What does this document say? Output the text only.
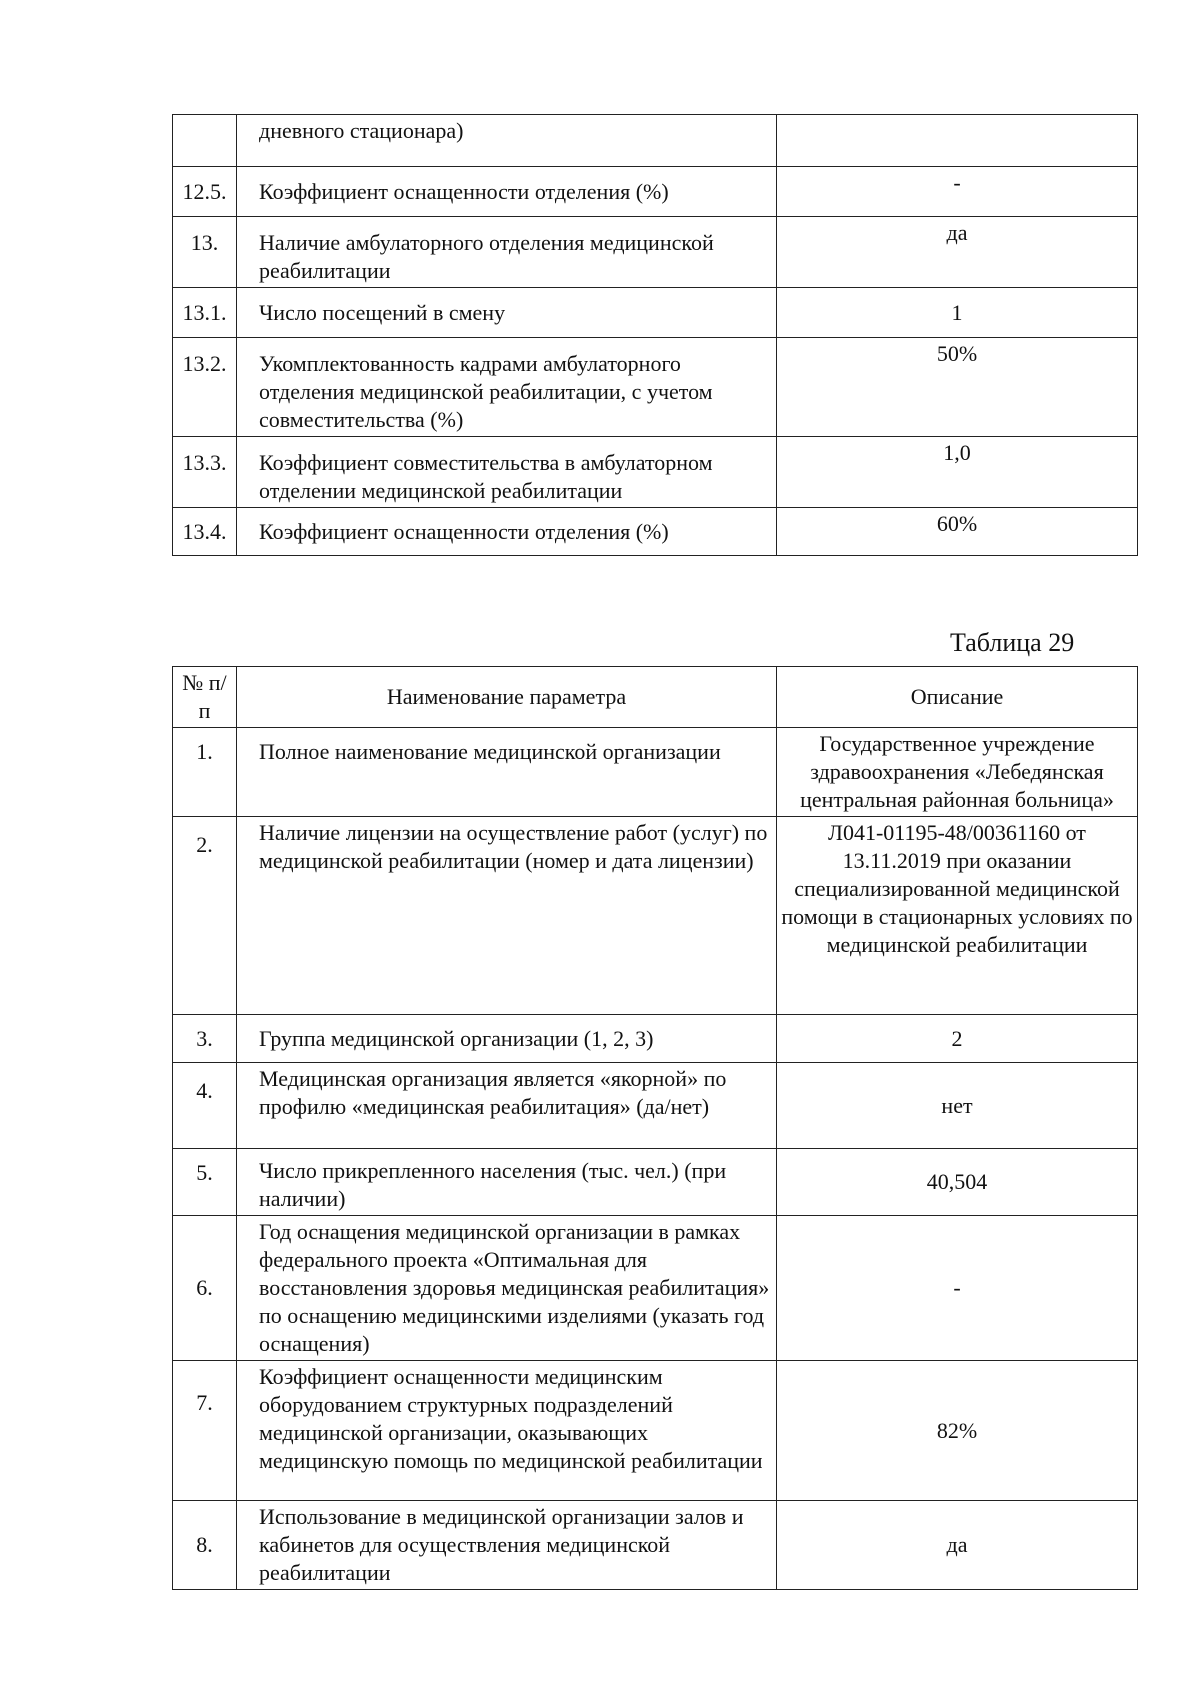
	дневного стационара)	
12.5.	Коэффициент оснащенности отделения (%)	-
13.	Наличие амбулаторного отделения медицинской реабилитации	да
13.1.	Число посещений в смену	1
13.2.	Укомплектованность кадрами амбулаторного отделения медицинской реабилитации, с учетом совместительства (%)	50%
13.3.	Коэффициент совместительства в амбулаторном отделении медицинской реабилитации	1,0
13.4.	Коэффициент оснащенности отделения (%)	60%
Таблица 29
№ п/п	Наименование параметра	Описание
1.	Полное наименование медицинской организации	Государственное учреждение здравоохранения «Лебедянская центральная районная больница»
2.	Наличие лицензии на осуществление работ (услуг) по медицинской реабилитации (номер и дата лицензии)	Л041-01195-48/00361160 от 13.11.2019 при оказании специализированной медицинской помощи в стационарных условиях по медицинской реабилитации
3.	Группа медицинской организации (1, 2, 3)	2
4.	Медицинская организация является «якорной» по профилю «медицинская реабилитация» (да/нет)	нет
5.	Число прикрепленного населения (тыс. чел.) (при наличии)	40,504
6.	Год оснащения медицинской организации в рамках федерального проекта «Оптимальная для восстановления здоровья медицинская реабилитация» по оснащению медицинскими изделиями (указать год оснащения)	-
7.	Коэффициент оснащенности медицинским оборудованием структурных подразделений медицинской организации, оказывающих медицинскую помощь по медицинской реабилитации	82%
8.	Использование в медицинской организации залов и кабинетов для осуществления медицинской реабилитации	да
